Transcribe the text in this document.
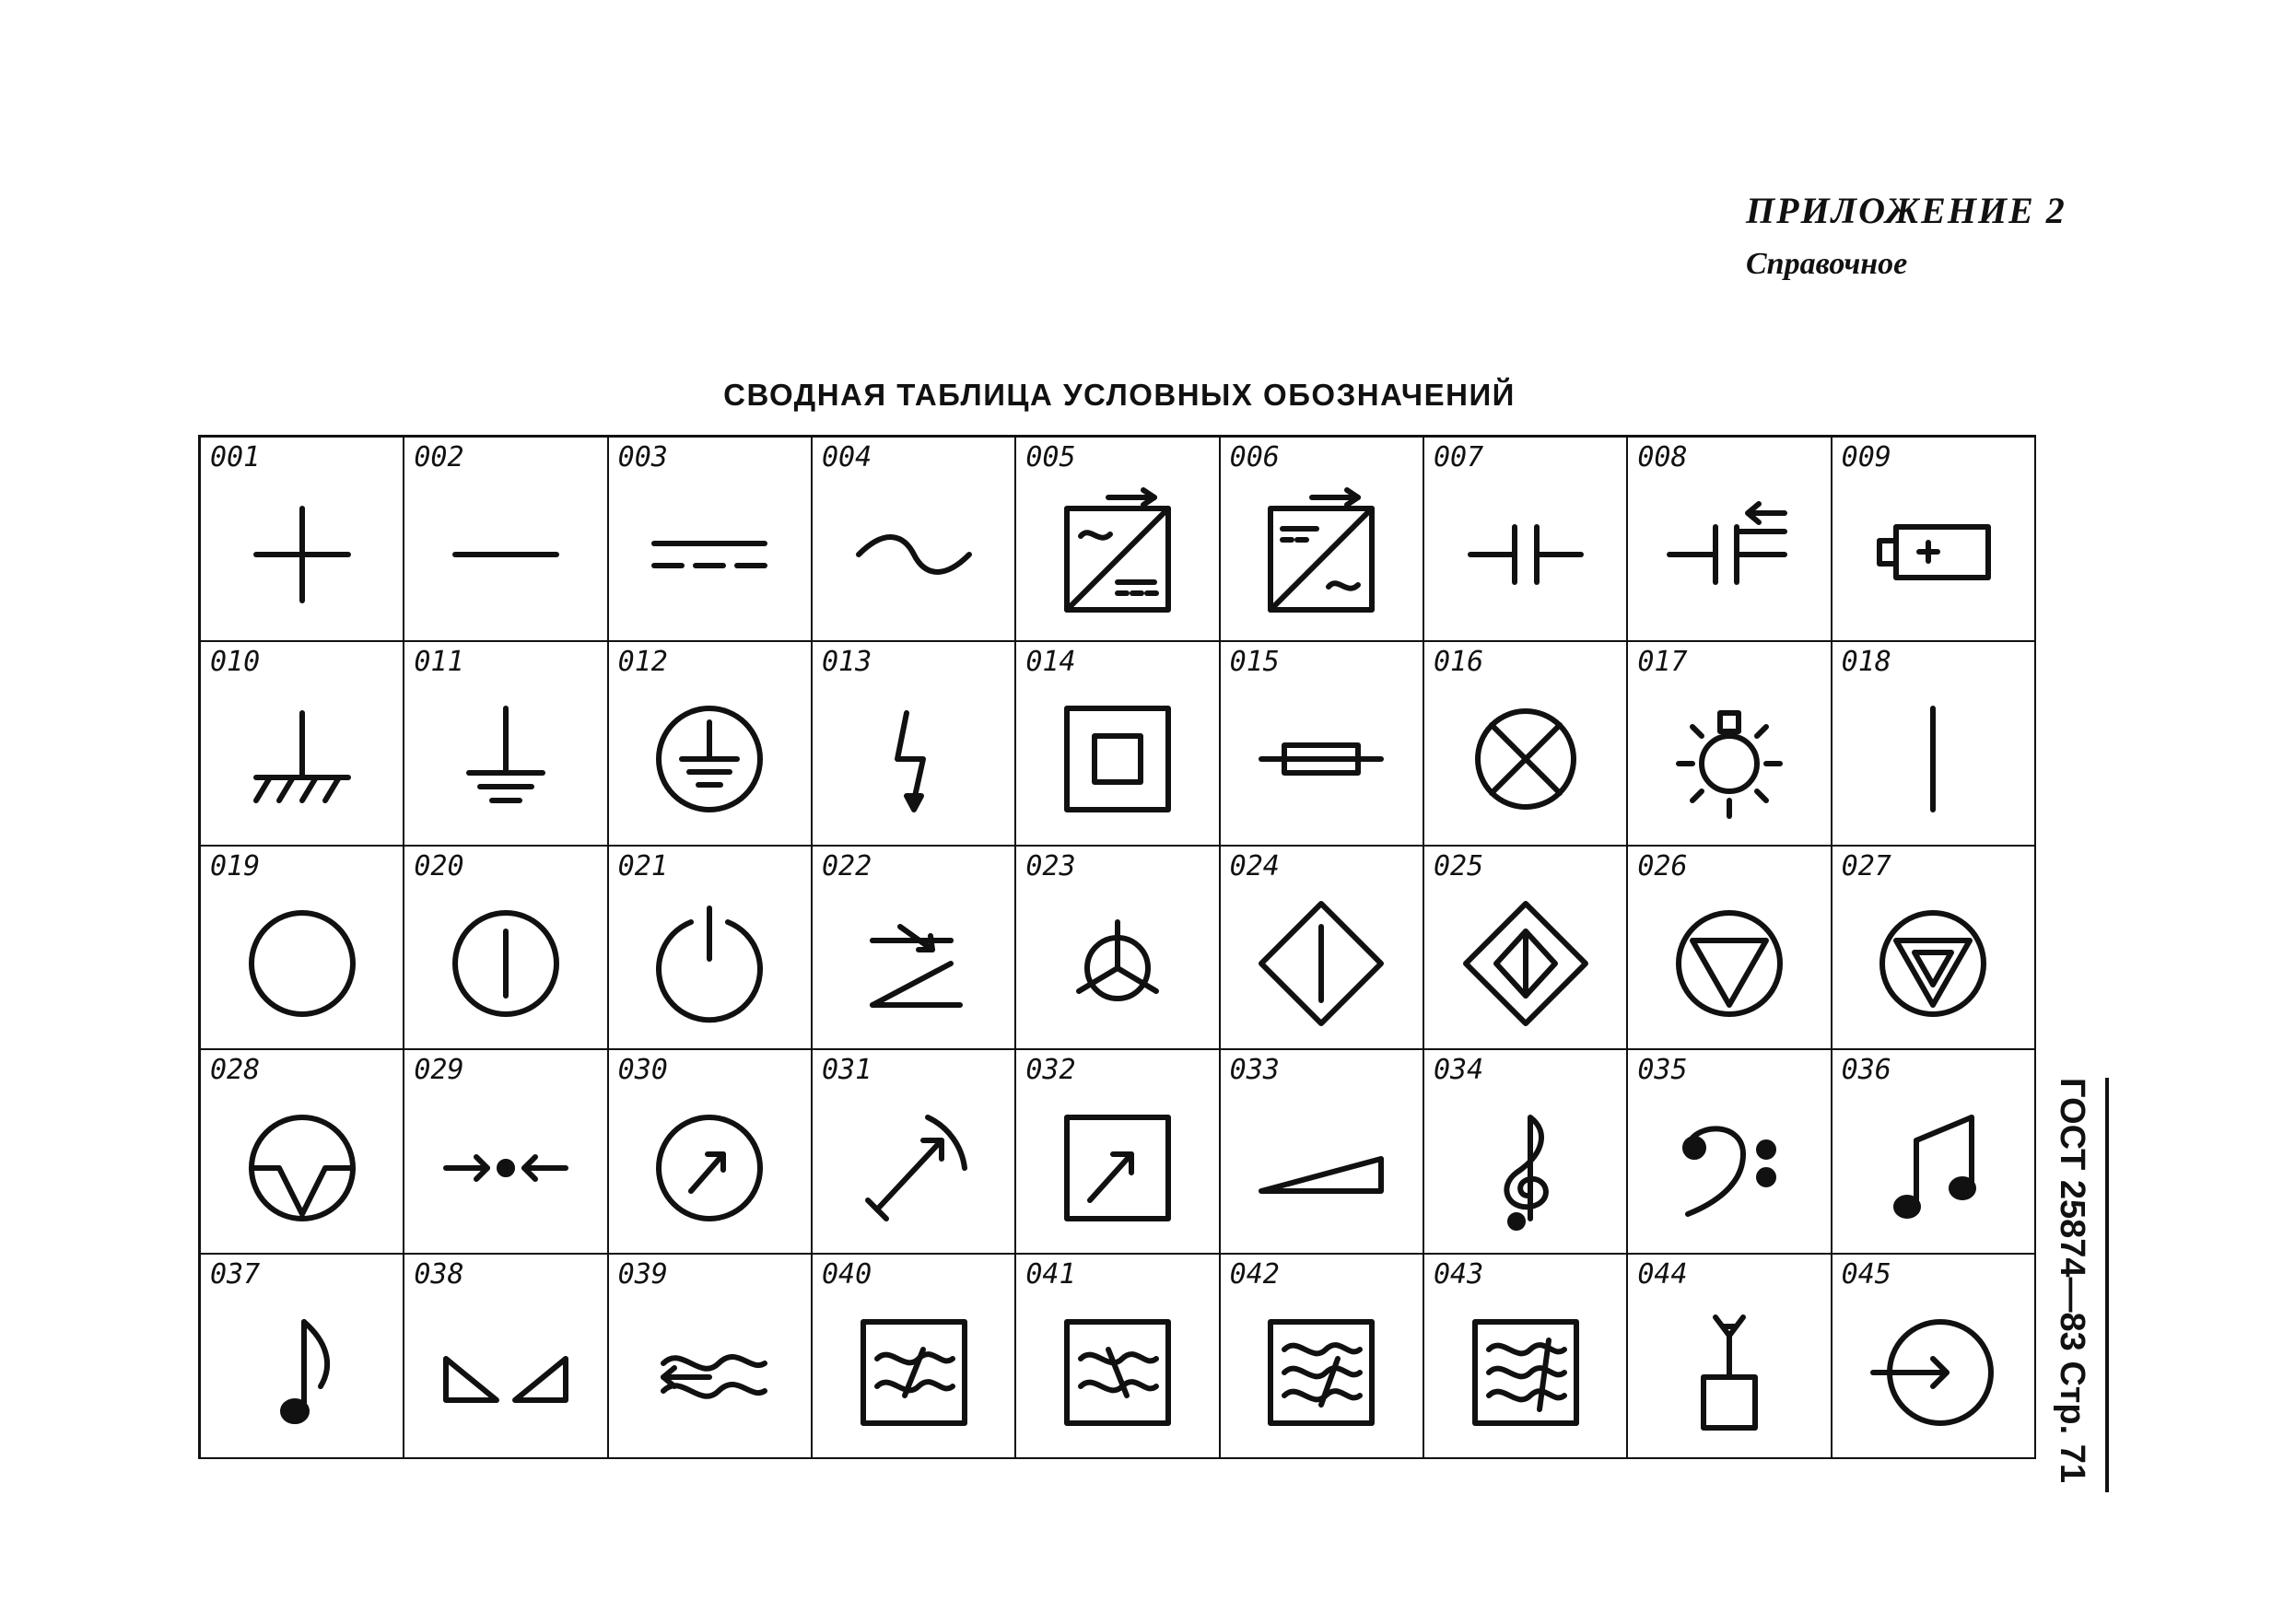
ПРИЛОЖЕНИЕ 2
Справочное
СВОДНАЯ ТАБЛИЦА УСЛОВНЫХ ОБОЗНАЧЕНИЙ
001	002	003	004	005	006	007	008	009
010	011	012	013	014	015	016	017	018
019	020	021	022	023	024	025	026	027
028	029	030	031	032	033	034	035	036
037	038	039	040	041	042	043	044	045	ГОСТ 25874—83 Стр. 71
